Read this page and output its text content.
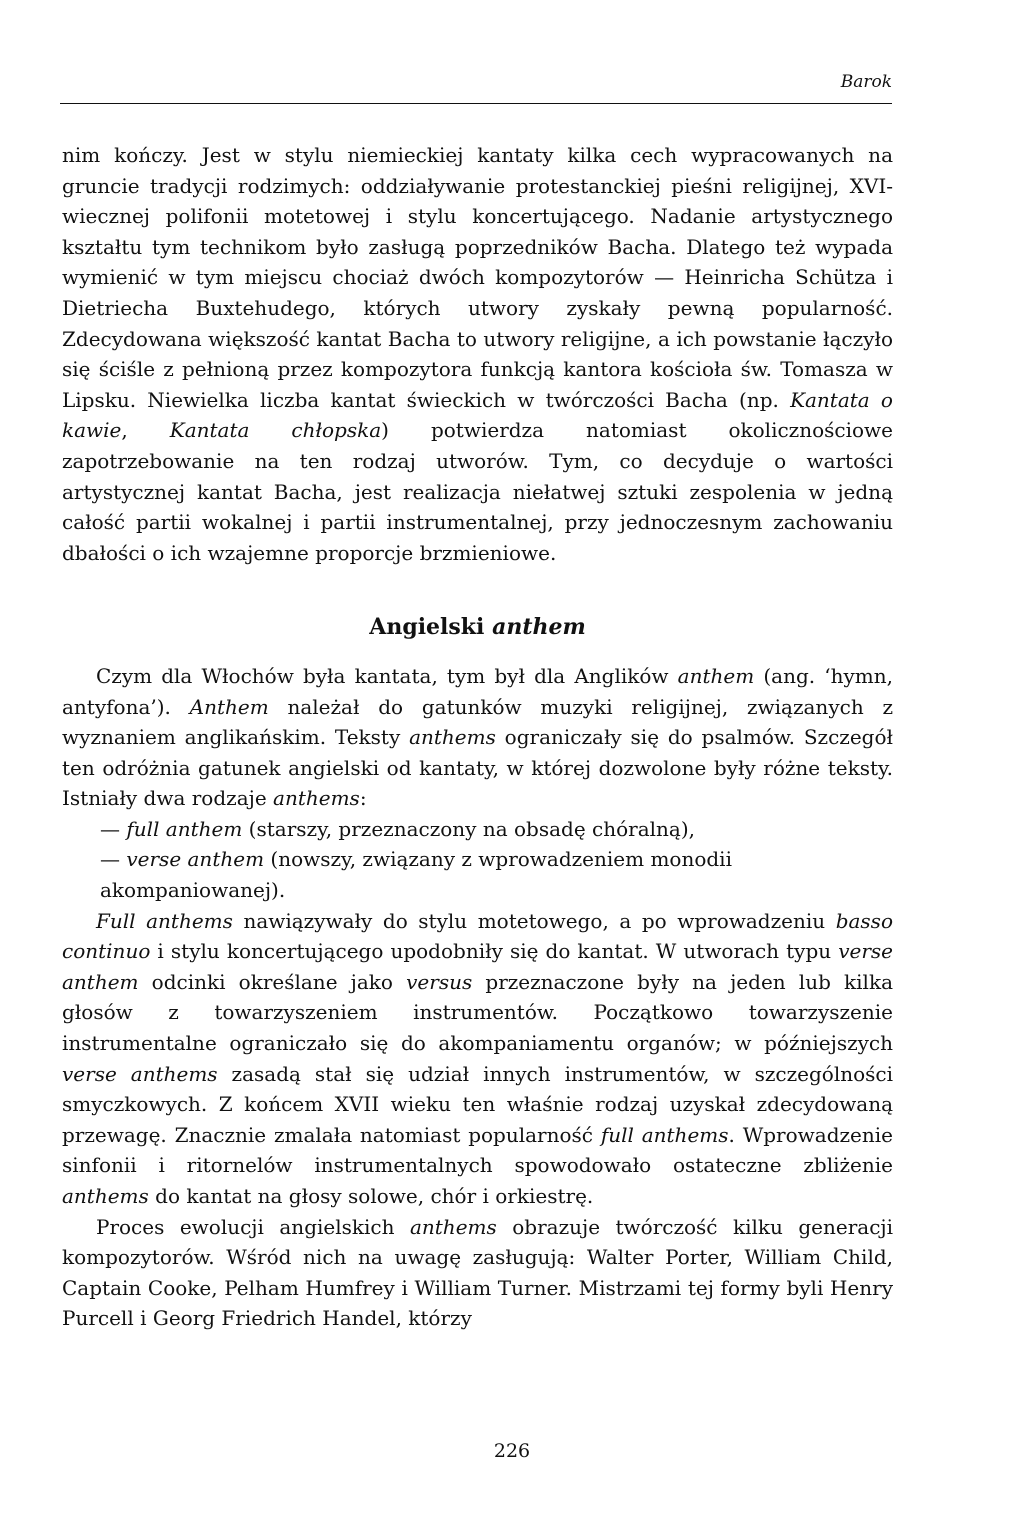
Barok

nim kończy. Jest w stylu niemieckiej kantaty kilka cech wypracowanych na gruncie tradycji rodzimych: oddziaływanie protestanckiej pieśni religijnej, XVI-wiecznej polifonii motetowej i stylu koncertującego. Nadanie artystycznego kształtu tym technikom było zasługą poprzedników Bacha. Dlatego też wypada wymienić w tym miejscu chociaż dwóch kompozytorów — Heinricha Schütza i Dietriecha Buxtehudego, których utwory zyskały pewną popularność. Zdecydowana większość kantat Bacha to utwory religijne, a ich powstanie łączyło się ściśle z pełnioną przez kompozytora funkcją kantora kościoła św. Tomasza w Lipsku. Niewielka liczba kantat świeckich w twórczości Bacha (np. Kantata o kawie, Kantata chłopska) potwierdza natomiast okolicznościowe zapotrzebowanie na ten rodzaj utworów. Tym, co decyduje o wartości artystycznej kantat Bacha, jest realizacja niełatwej sztuki zespolenia w jedną całość partii wokalnej i partii instrumentalnej, przy jednoczesnym zachowaniu dbałości o ich wzajemne proporcje brzmieniowe.

Angielski anthem

Czym dla Włochów była kantata, tym był dla Anglików anthem (ang. ‘hymn, antyfona’). Anthem należał do gatunków muzyki religijnej, związanych z wyznaniem anglikańskim. Teksty anthems ograniczały się do psalmów. Szczegół ten odróżnia gatunek angielski od kantaty, w której dozwolone były różne teksty. Istniały dwa rodzaje anthems:

— full anthem (starszy, przeznaczony na obsadę chóralną),

— verse anthem (nowszy, związany z wprowadzeniem monodii akompaniowanej).

Full anthems nawiązywały do stylu motetowego, a po wprowadzeniu basso continuo i stylu koncertującego upodobniły się do kantat. W utworach typu verse anthem odcinki określane jako versus przeznaczone były na jeden lub kilka głosów z towarzyszeniem instrumentów. Początkowo towarzyszenie instrumentalne ograniczało się do akompaniamentu organów; w późniejszych verse anthems zasadą stał się udział innych instrumentów, w szczególności smyczkowych. Z końcem XVII wieku ten właśnie rodzaj uzyskał zdecydowaną przewagę. Znacznie zmalała natomiast popularność full anthems. Wprowadzenie sinfonii i ritornelów instrumentalnych spowodowało ostateczne zbliżenie anthems do kantat na głosy solowe, chór i orkiestrę.

Proces ewolucji angielskich anthems obrazuje twórczość kilku generacji kompozytorów. Wśród nich na uwagę zasługują: Walter Porter, William Child, Captain Cooke, Pelham Humfrey i William Turner. Mistrzami tej formy byli Henry Purcell i Georg Friedrich Handel, którzy

226
